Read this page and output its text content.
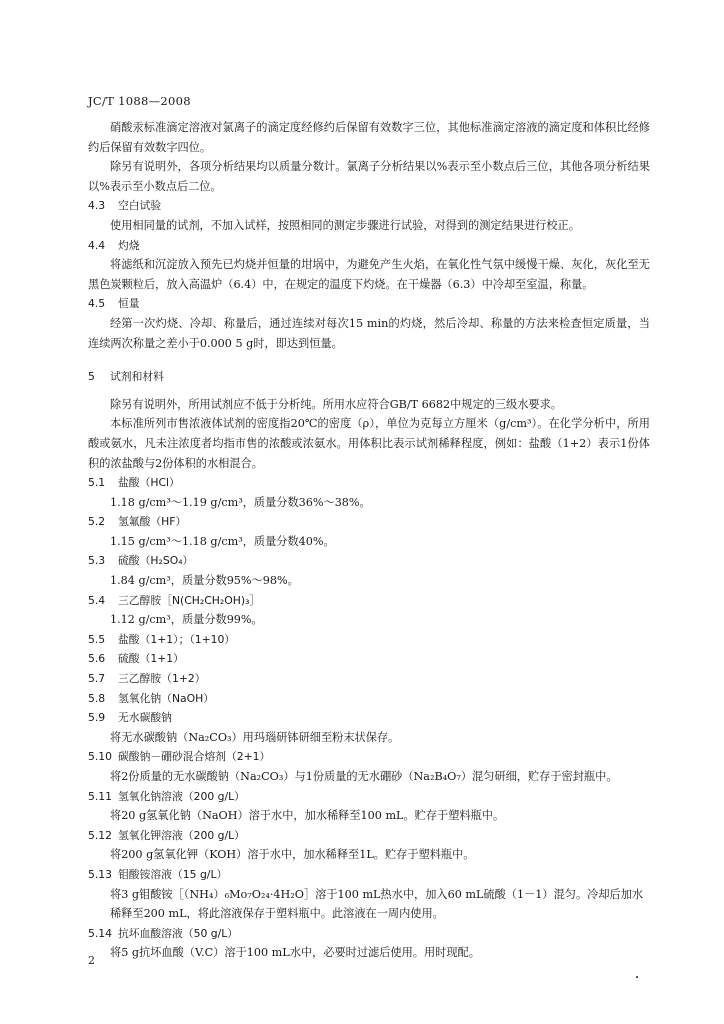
JC/T 1088—2008

硝酸汞标准滴定溶液对氯离子的滴定度经修约后保留有效数字三位，其他标准滴定溶液的滴定度和体积比经修约后保留有效数字四位。

除另有说明外，各项分析结果均以质量分数计。氯离子分析结果以%表示至小数点后三位，其他各项分析结果以%表示至小数点后二位。

4.3	空白试验

使用相同量的试剂，不加入试样，按照相同的测定步骤进行试验，对得到的测定结果进行校正。

4.4	灼烧

将滤纸和沉淀放入预先已灼烧并恒量的坩埚中，为避免产生火焰，在氧化性气氛中缓慢干燥、灰化，灰化至无黑色炭颗粒后，放入高温炉（6.4）中，在规定的温度下灼烧。在干燥器（6.3）中冷却至室温，称量。

4.5	恒量

经第一次灼烧、冷却、称量后，通过连续对每次15 min的灼烧，然后冷却、称量的方法来检查恒定质量，当连续两次称量之差小于0.000 5 g时，即达到恒量。

5	试剂和材料

除另有说明外，所用试剂应不低于分析纯。所用水应符合GB/T 6682中规定的三级水要求。

本标准所列市售浓液体试剂的密度指20℃的密度（ρ），单位为克每立方厘米（g/cm³）。在化学分析中，所用酸或氨水，凡未注浓度者均指市售的浓酸或浓氨水。用体积比表示试剂稀释程度，例如：盐酸（1+2）表示1份体积的浓盐酸与2份体积的水相混合。

5.1	盐酸（HCl）

1.18 g/cm³～1.19 g/cm³，质量分数36%～38%。

5.2	氢氟酸（HF）

1.15 g/cm³～1.18 g/cm³，质量分数40%。

5.3	硫酸（H₂SO₄）

1.84 g/cm³，质量分数95%～98%。

5.4	三乙醇胺［N(CH₂CH₂OH)₃］

1.12 g/cm³，质量分数99%。

5.5	盐酸（1+1）；（1+10）
5.6	硫酸（1+1）
5.7	三乙醇胺（1+2）
5.8	氢氧化钠（NaOH）
5.9	无水碳酸钠

将无水碳酸钠（Na₂CO₃）用玛瑙研钵研细至粉末状保存。

5.10 碳酸钠－硼砂混合熔剂（2+1）

将2份质量的无水碳酸钠（Na₂CO₃）与1份质量的无水硼砂（Na₂B₄O₇）混匀研细，贮存于密封瓶中。

5.11 氢氧化钠溶液（200 g/L）

将20 g氢氧化钠（NaOH）溶于水中，加水稀释至100 mL。贮存于塑料瓶中。

5.12 氢氧化钾溶液（200 g/L）

将200 g氢氧化钾（KOH）溶于水中，加水稀释至1L。贮存于塑料瓶中。

5.13 钼酸铵溶液（15 g/L）

将3 g钼酸铵［（NH₄）₆Mo₇O₂₄·4H₂O］溶于100 mL热水中，加入60 mL硫酸（1－1）混匀。冷却后加水稀释至200 mL，将此溶液保存于塑料瓶中。此溶液在一周内使用。

5.14 抗坏血酸溶液（50 g/L）

将5 g抗坏血酸（V.C）溶于100 mL水中，必要时过滤后使用。用时现配。

2
